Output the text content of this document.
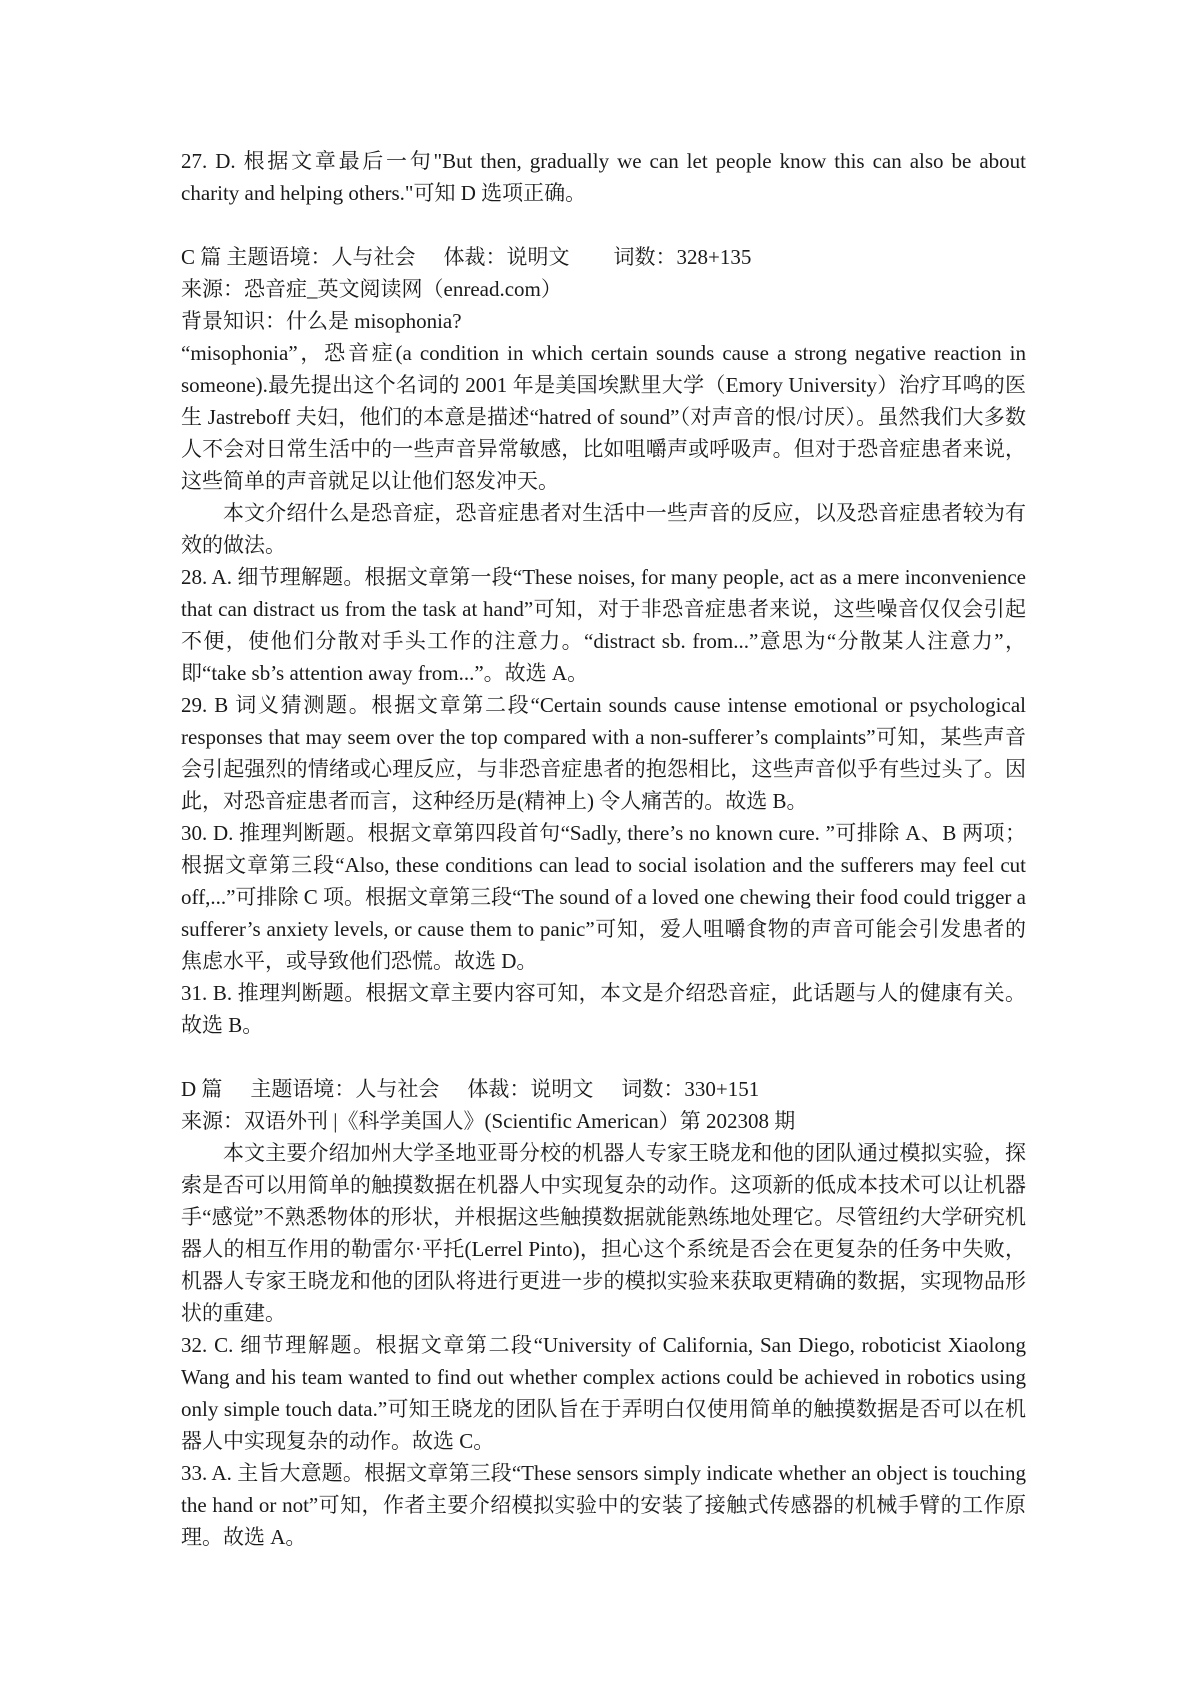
27. D. 根据文章最后一句"But then, gradually we can let people know this can also be about charity and helping others."可知 D 选项正确。

C 篇 主题语境：人与社会 体裁：说明文 词数：328+135

来源：恐音症_英文阅读网（enread.com）

背景知识：什么是 misophonia?

“misophonia”，恐音症(a condition in which certain sounds cause a strong negative reaction in someone).最先提出这个名词的 2001 年是美国埃默里大学（Emory University）治疗耳鸣的医生 Jastreboff 夫妇，他们的本意是描述“hatred of sound”（对声音的恨/讨厌）。虽然我们大多数人不会对日常生活中的一些声音异常敏感，比如咀嚼声或呼吸声。但对于恐音症患者来说，这些简单的声音就足以让他们怒发冲天。

本文介绍什么是恐音症，恐音症患者对生活中一些声音的反应，以及恐音症患者较为有效的做法。

28. A. 细节理解题。根据文章第一段“These noises, for many people, act as a mere inconvenience that can distract us from the task at hand”可知，对于非恐音症患者来说，这些噪音仅仅会引起不便，使他们分散对手头工作的注意力。“distract sb. from...”意思为“分散某人注意力”，即“take sb’s attention away from...”。故选 A。

29. B 词义猜测题。根据文章第二段“Certain sounds cause intense emotional or psychological responses that may seem over the top compared with a non-sufferer’s complaints”可知，某些声音会引起强烈的情绪或心理反应，与非恐音症患者的抱怨相比，这些声音似乎有些过头了。因此，对恐音症患者而言，这种经历是(精神上) 令人痛苦的。故选 B。

30. D. 推理判断题。根据文章第四段首句“Sadly, there’s no known cure. ”可排除 A、B 两项；根据文章第三段“Also, these conditions can lead to social isolation and the sufferers may feel cut off,...”可排除 C 项。根据文章第三段“The sound of a loved one chewing their food could trigger a sufferer’s anxiety levels, or cause them to panic”可知，爱人咀嚼食物的声音可能会引发患者的焦虑水平，或导致他们恐慌。故选 D。

31. B. 推理判断题。根据文章主要内容可知，本文是介绍恐音症，此话题与人的健康有关。故选 B。

D 篇 主题语境：人与社会 体裁：说明文 词数：330+151

来源：双语外刊 |《科学美国人》(Scientific American）第 202308 期

本文主要介绍加州大学圣地亚哥分校的机器人专家王晓龙和他的团队通过模拟实验，探索是否可以用简单的触摸数据在机器人中实现复杂的动作。这项新的低成本技术可以让机器手“感觉”不熟悉物体的形状，并根据这些触摸数据就能熟练地处理它。尽管纽约大学研究机器人的相互作用的勒雷尔·平托(Lerrel Pinto)，担心这个系统是否会在更复杂的任务中失败，机器人专家王晓龙和他的团队将进行更进一步的模拟实验来获取更精确的数据，实现物品形状的重建。

32. C. 细节理解题。根据文章第二段“University of California, San Diego, roboticist Xiaolong Wang and his team wanted to find out whether complex actions could be achieved in robotics using only simple touch data.”可知王晓龙的团队旨在于弄明白仅使用简单的触摸数据是否可以在机器人中实现复杂的动作。故选 C。

33. A. 主旨大意题。根据文章第三段“These sensors simply indicate whether an object is touching the hand or not”可知，作者主要介绍模拟实验中的安装了接触式传感器的机械手臂的工作原理。故选 A。
